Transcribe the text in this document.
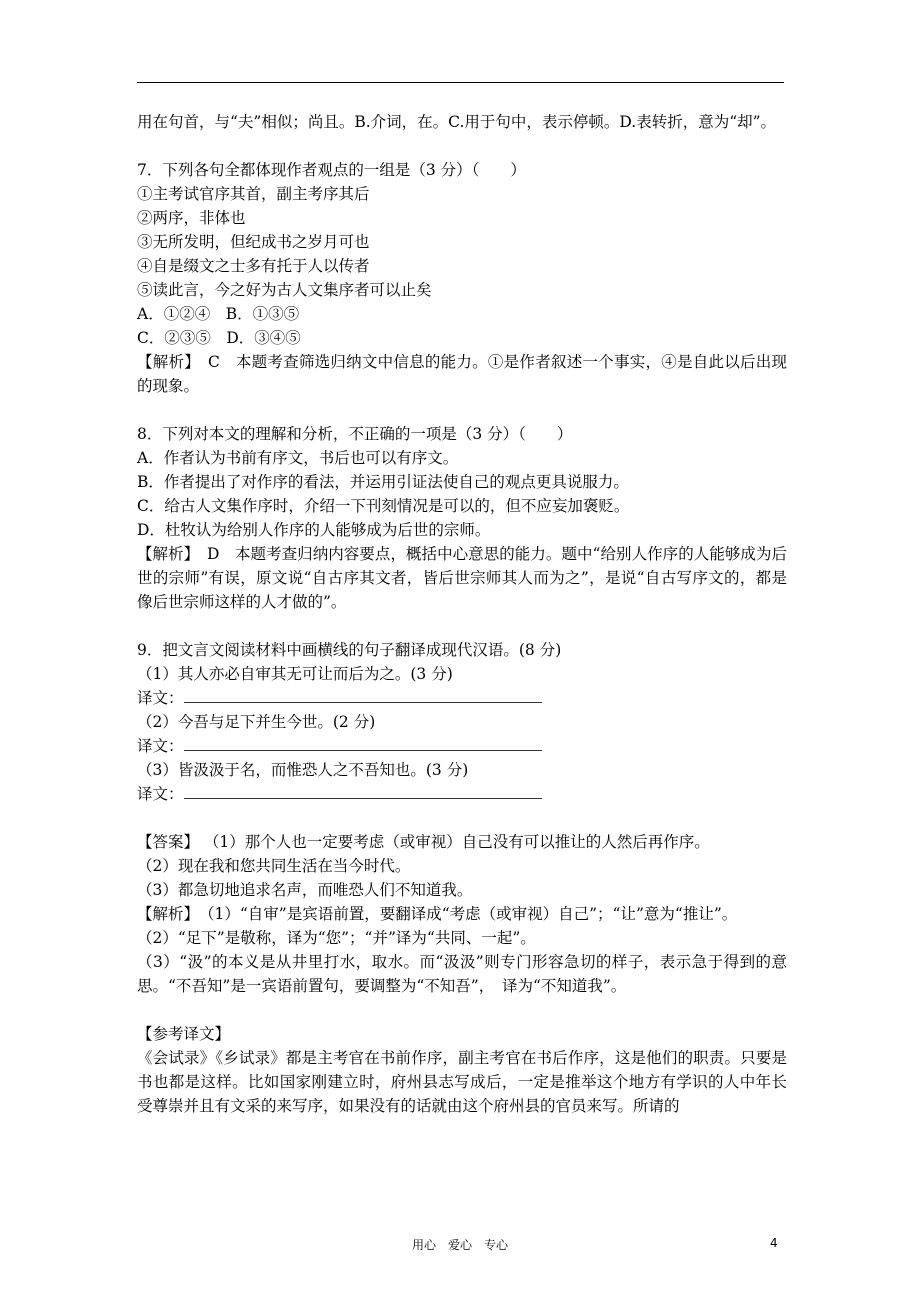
用在句首，与“夫”相似；尚且。B.介词，在。C.用于句中，表示停顿。D.表转折，意为“却”。

7．下列各句全都体现作者观点的一组是（3 分）（　　）
①主考试官序其首，副主考序其后
②两序，非体也
③无所发明，但纪成书之岁月可也
④自是缀文之士多有托于人以传者
⑤读此言，今之好为古人文集序者可以止矣
A．①②④　B．①③⑤
C．②③⑤　D．③④⑤

【解析】　C　本题考查筛选归纳文中信息的能力。①是作者叙述一个事实，④是自此以后出现的现象。

8．下列对本文的理解和分析，不正确的一项是（3 分）（　　）
A．作者认为书前有序文，书后也可以有序文。
B．作者提出了对作序的看法，并运用引证法使自己的观点更具说服力。
C．给古人文集作序时，介绍一下刊刻情况是可以的，但不应妄加褒贬。
D．杜牧认为给别人作序的人能够成为后世的宗师。

【解析】　D　本题考查归纳内容要点，概括中心意思的能力。题中“给别人作序的人能够成为后世的宗师”有误，原文说“自古序其文者，皆后世宗师其人而为之”，是说“自古写序文的，都是像后世宗师这样的人才做的”。

9．把文言文阅读材料中画横线的句子翻译成现代汉语。(8 分)
（1）其人亦必自审其无可让而后为之。(3 分)
译文：
（2）今吾与足下并生今世。(2 分)
译文：
（3）皆汲汲于名，而惟恐人之不吾知也。(3 分)
译文：
【答案】 （1）那个人也一定要考虑（或审视）自己没有可以推让的人然后再作序。
（2）现在我和您共同生活在当今时代。
（3）都急切地追求名声，而唯恐人们不知道我。

【解析】　（1）“自审”是宾语前置，要翻译成“考虑（或审视）自己”；“让”意为“推让”。

（2）“足下”是敬称，译为“您”；“并”译为“共同、一起”。

（3）“汲”的本义是从井里打水，取水。而“汲汲”则专门形容急切的样子，表示急于得到的意思。“不吾知”是一宾语前置句，要调整为“不知吾”，　译为“不知道我”。

【参考译文】

《会试录》《乡试录》都是主考官在书前作序，副主考官在书后作序，这是他们的职责。只要是书也都是这样。比如国家刚建立时，府州县志写成后，一定是推举这个地方有学识的人中年长受尊崇并且有文采的来写序，如果没有的话就由这个府州县的官员来写。所请的

用心　爱心　专心	4
